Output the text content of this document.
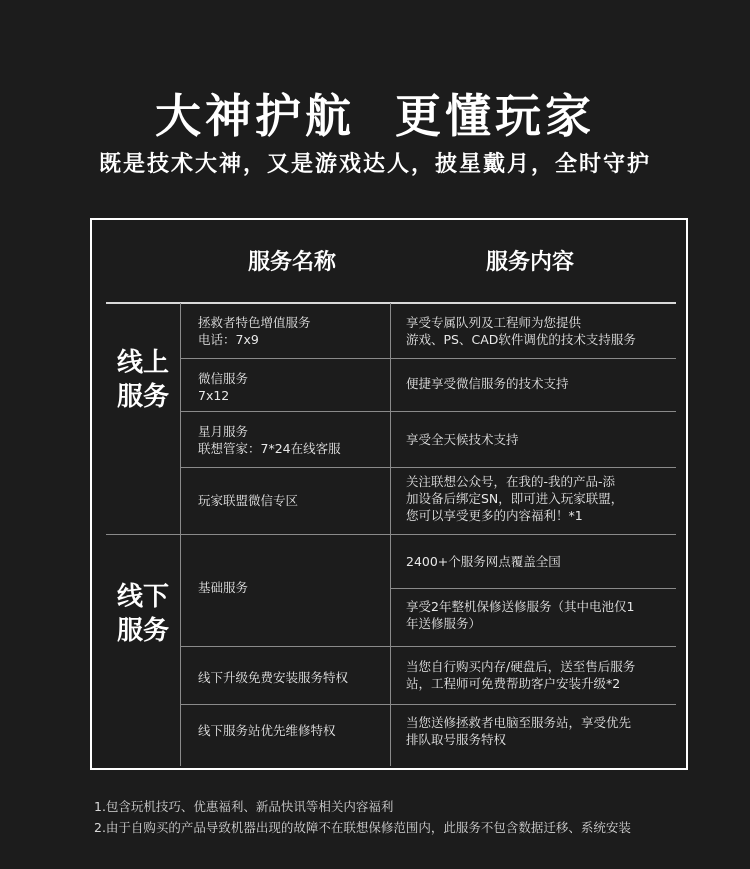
大神护航 更懂玩家
既是技术大神，又是游戏达人，披星戴月，全时守护
服务名称	服务内容
线上服务
线下服务
拯救者特色增值服务
电话：7x9
享受专属队列及工程师为您提供
游戏、PS、CAD软件调优的技术支持服务
微信服务
7x12
便捷享受微信服务的技术支持
星月服务
联想管家：7*24在线客服
享受全天候技术支持
玩家联盟微信专区
关注联想公众号，在我的-我的产品-添
加设备后绑定SN，即可进入玩家联盟，
您可以享受更多的内容福利！*1
基础服务
2400+个服务网点覆盖全国
享受2年整机保修送修服务（其中电池仅1
年送修服务）
线下升级免费安装服务特权
当您自行购买内存/硬盘后，送至售后服务
站，工程师可免费帮助客户安装升级*2
线下服务站优先维修特权
当您送修拯救者电脑至服务站，享受优先
排队取号服务特权
1.包含玩机技巧、优惠福利、新品快讯等相关内容福利
2.由于自购买的产品导致机器出现的故障不在联想保修范围内，此服务不包含数据迁移、系统安装
